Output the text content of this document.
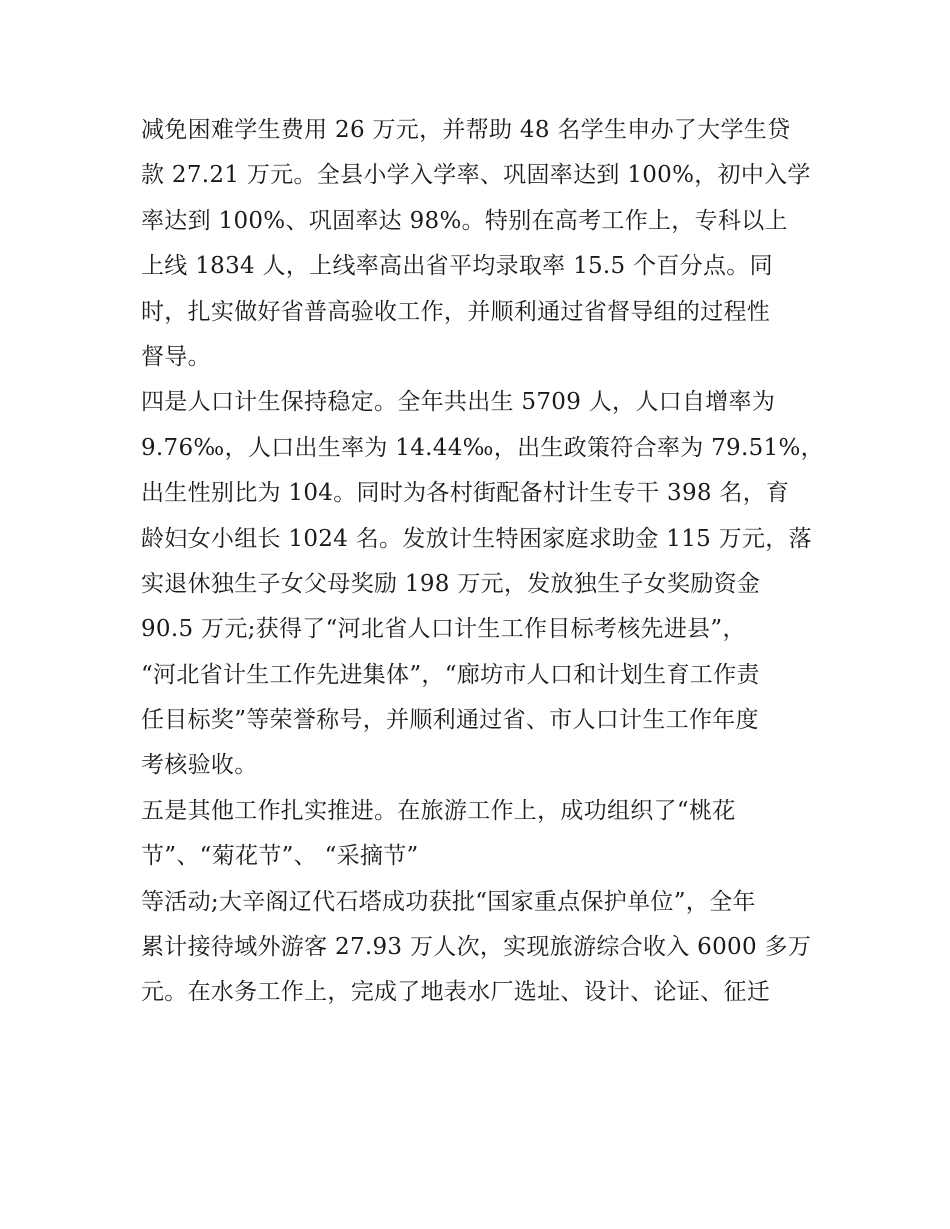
减免困难学生费用 26 万元，并帮助 48 名学生申办了大学生贷
款 27.21 万元。全县小学入学率、巩固率达到 100%，初中入学
率达到 100%、巩固率达 98%。特别在高考工作上，专科以上
上线 1834 人，上线率高出省平均录取率 15.5 个百分点。同
时，扎实做好省普高验收工作，并顺利通过省督导组的过程性
督导。
四是人口计生保持稳定。全年共出生 5709 人，人口自增率为
9.76‰，人口出生率为 14.44‰，出生政策符合率为 79.51%，
出生性别比为 104。同时为各村街配备村计生专干 398 名，育
龄妇女小组长 1024 名。发放计生特困家庭求助金 115 万元，落
实退休独生子女父母奖励 198 万元，发放独生子女奖励资金
90.5 万元;获得了“河北省人口计生工作目标考核先进县”，
“河北省计生工作先进集体”，“廊坊市人口和计划生育工作责
任目标奖”等荣誉称号，并顺利通过省、市人口计生工作年度
考核验收。
五是其他工作扎实推进。在旅游工作上，成功组织了“桃花
节”、“菊花节”、 “采摘节”
等活动;大辛阁辽代石塔成功获批“国家重点保护单位”，全年
累计接待域外游客 27.93 万人次，实现旅游综合收入 6000 多万
元。在水务工作上，完成了地表水厂选址、设计、论证、征迁
